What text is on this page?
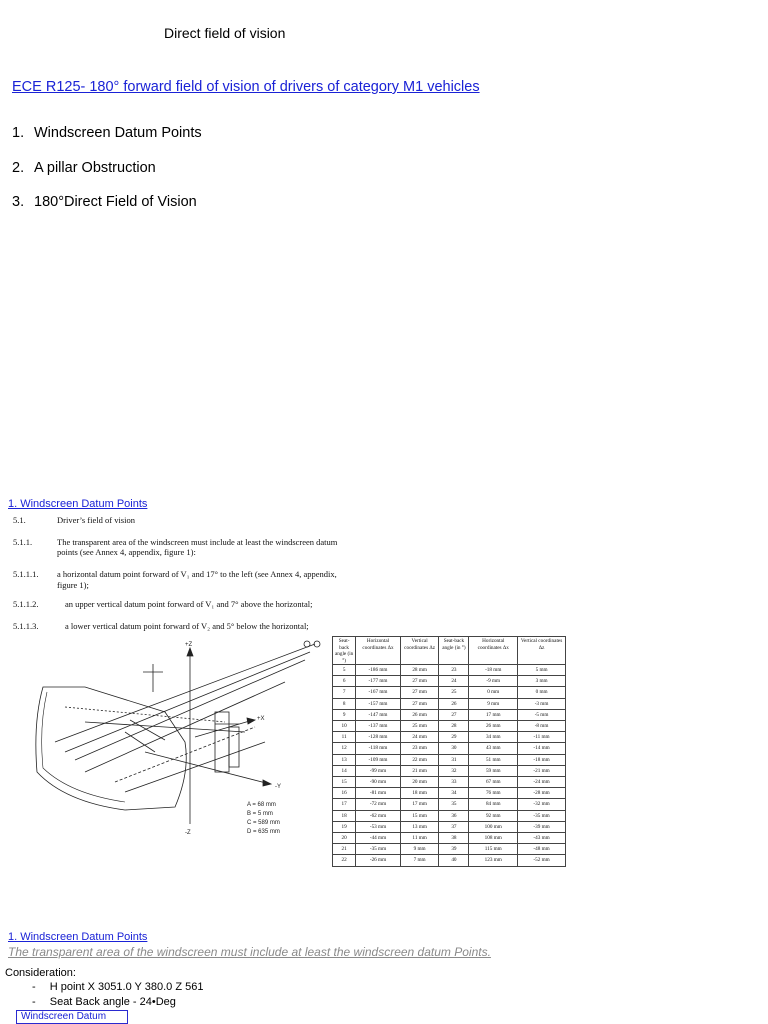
Direct field of vision
ECE R125- 180° forward field of vision of drivers of category M1 vehicles
1. Windscreen Datum Points
2. A pillar Obstruction
3. 180°Direct Field of Vision
1. Windscreen Datum Points
5.1.	Driver’s field of vision
5.1.1.	The transparent area of the windscreen must include at least the windscreen datum
points (see Annex 4, appendix, figure 1):
5.1.1.1. a horizontal datum point forward of V₁ and 17° to the left (see Annex 4, appendix,
figure 1);
5.1.1.2.	an upper vertical datum point forward of V₁ and 7° above the horizontal;
5.1.1.3.	a lower vertical datum point forward of V₂ and 5° below the horizontal;
+Z
-Z
+X
-Y
A = 68 mm
B = 5 mm
C = 589 mm
D = 635 mm
Seat-back angle (in °)	Horizontal coordinates Δx	Vertical coordinates Δz	Seat-back angle (in °)	Horizontal coordinates Δx	Vertical coordinates Δz
5	-186 mm	28 mm	23	-18 mm	5 mm
6	-177 mm	27 mm	24	-9 mm	3 mm
7	-167 mm	27 mm	25	0 mm	0 mm
8	-157 mm	27 mm	26	9 mm	-3 mm
9	-147 mm	26 mm	27	17 mm	-5 mm
10	-137 mm	25 mm	28	26 mm	-8 mm
11	-128 mm	24 mm	29	34 mm	-11 mm
12	-118 mm	23 mm	30	43 mm	-14 mm
13	-109 mm	22 mm	31	51 mm	-18 mm
14	-99 mm	21 mm	32	59 mm	-21 mm
15	-90 mm	20 mm	33	67 mm	-24 mm
16	-81 mm	18 mm	34	76 mm	-28 mm
17	-72 mm	17 mm	35	84 mm	-32 mm
18	-62 mm	15 mm	36	92 mm	-35 mm
19	-53 mm	13 mm	37	100 mm	-39 mm
20	-44 mm	11 mm	38	108 mm	-43 mm
21	-35 mm	9 mm	39	115 mm	-48 mm
22	-26 mm	7 mm	40	123 mm	-52 mm
1. Windscreen Datum Points
The transparent area of the windscreen must include at least the windscreen datum Points.
Consideration:
- H point X 3051.0 Y 380.0 Z 561
- Seat Back angle - 24•Deg
Windscreen Datum
